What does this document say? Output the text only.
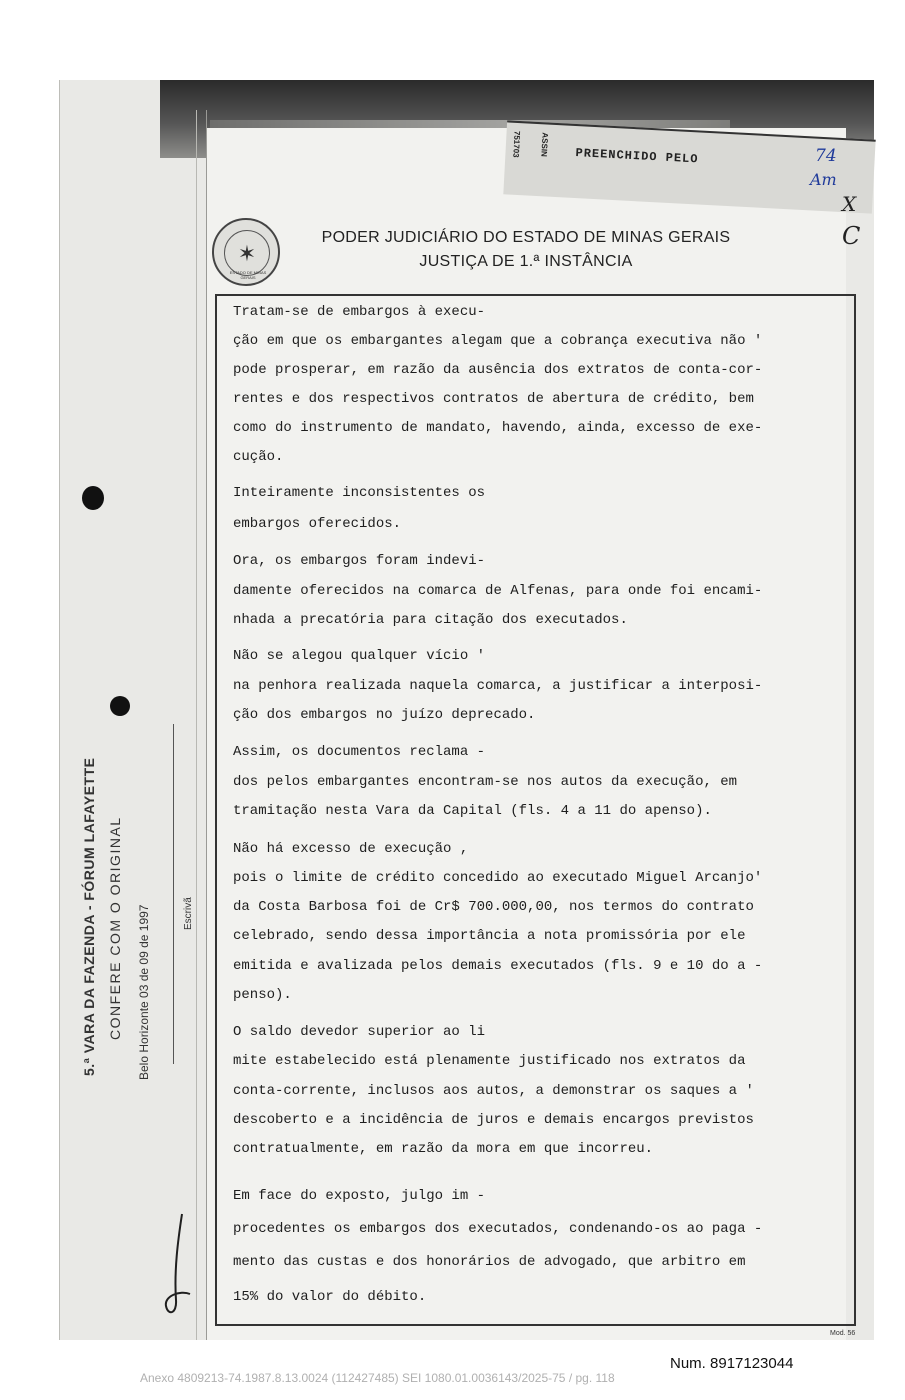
751703 ASSIN PREENCHIDO PELO
✶
ESTADO DE MINAS GERAIS
PODER JUDICIÁRIO DO ESTADO DE MINAS GERAIS
JUSTIÇA DE 1.ª INSTÂNCIA
74
Am
X
C
Tratam-se de embargos à execu-
ção em que os embargantes alegam que a cobrança executiva não '
pode prosperar, em razão da ausência dos extratos de conta-cor-
rentes e dos respectivos contratos de abertura de crédito, bem
como do instrumento de mandato, havendo, ainda, excesso de exe-
cução.
Inteiramente inconsistentes os
embargos oferecidos.
Ora, os embargos foram indevi-
damente oferecidos na comarca de Alfenas, para onde foi encami-
nhada a precatória para citação dos executados.
Não se alegou qualquer vício '
na penhora realizada naquela comarca, a justificar a interposi-
ção dos embargos no juízo deprecado.
Assim, os documentos reclama -
dos pelos embargantes encontram-se nos autos da execução, em
tramitação nesta Vara da Capital (fls. 4 a 11 do apenso).
Não há excesso de execução ,
pois o limite de crédito concedido ao executado Miguel Arcanjo'
da Costa Barbosa foi de Cr$ 700.000,00, nos termos do contrato
celebrado, sendo dessa importância a nota promissória por ele
emitida e avalizada pelos demais executados (fls. 9 e 10 do a -
penso).
O saldo devedor superior ao li
mite estabelecido está plenamente justificado nos extratos da
conta-corrente, inclusos aos autos, a demonstrar os saques a '
descoberto e a incidência de juros e demais encargos previstos
contratualmente, em razão da mora em que incorreu.
Em face do exposto, julgo im -
procedentes os embargos dos executados, condenando-os ao paga -
mento das custas e dos honorários de advogado, que arbitro em
15% do valor do débito.
5.ª VARA DA FAZENDA - FÓRUM LAFAYETTE CONFERE COM O ORIGINAL Belo Horizonte 03 de 09 de 1997	Escrivã
Mod. 56
Num. 8917123044
Anexo 4809213-74.1987.8.13.0024 (112427485) SEI 1080.01.0036143/2025-75 / pg. 118
